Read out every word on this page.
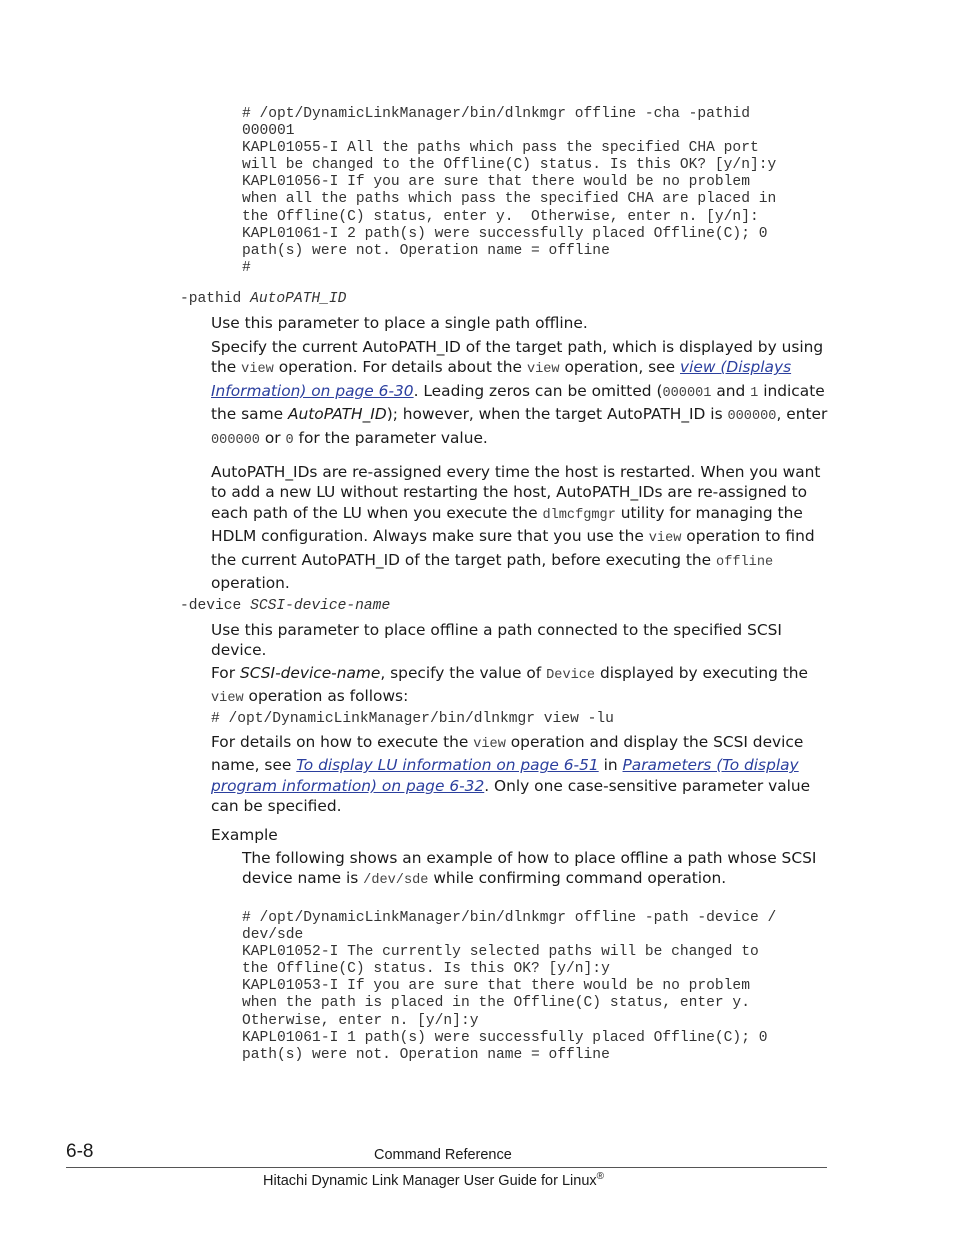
# /opt/DynamicLinkManager/bin/dlnkmgr offline -cha -pathid
000001
KAPL01055-I All the paths which pass the specified CHA port
will be changed to the Offline(C) status. Is this OK? [y/n]:y
KAPL01056-I If you are sure that there would be no problem
when all the paths which pass the specified CHA are placed in
the Offline(C) status, enter y.  Otherwise, enter n. [y/n]:
KAPL01061-I 2 path(s) were successfully placed Offline(C); 0
path(s) were not. Operation name = offline
#
-pathid AutoPATH_ID

Use this parameter to place a single path offline.

Specify the current AutoPATH_ID of the target path, which is displayed by using the view operation. For details about the view operation, see view (Displays Information) on page 6-30. Leading zeros can be omitted (000001 and 1 indicate the same AutoPATH_ID); however, when the target AutoPATH_ID is 000000, enter 000000 or 0 for the parameter value.

AutoPATH_IDs are re-assigned every time the host is restarted. When you want to add a new LU without restarting the host, AutoPATH_IDs are re-assigned to each path of the LU when you execute the dlmcfgmgr utility for managing the HDLM configuration. Always make sure that you use the view operation to find the current AutoPATH_ID of the target path, before executing the offline operation.

-device SCSI-device-name

Use this parameter to place offline a path connected to the specified SCSI device.

For SCSI-device-name, specify the value of Device displayed by executing the view operation as follows:

# /opt/DynamicLinkManager/bin/dlnkmgr view -lu

For details on how to execute the view operation and display the SCSI device name, see To display LU information on page 6-51 in Parameters (To display program information) on page 6-32. Only one case-sensitive parameter value can be specified.

Example

The following shows an example of how to place offline a path whose SCSI device name is /dev/sde while confirming command operation.

# /opt/DynamicLinkManager/bin/dlnkmgr offline -path -device /
dev/sde
KAPL01052-I The currently selected paths will be changed to
the Offline(C) status. Is this OK? [y/n]:y
KAPL01053-I If you are sure that there would be no problem
when the path is placed in the Offline(C) status, enter y.
Otherwise, enter n. [y/n]:y
KAPL01061-I 1 path(s) were successfully placed Offline(C); 0
path(s) were not. Operation name = offline
6-8	Command Reference
Hitachi Dynamic Link Manager User Guide for Linux®
